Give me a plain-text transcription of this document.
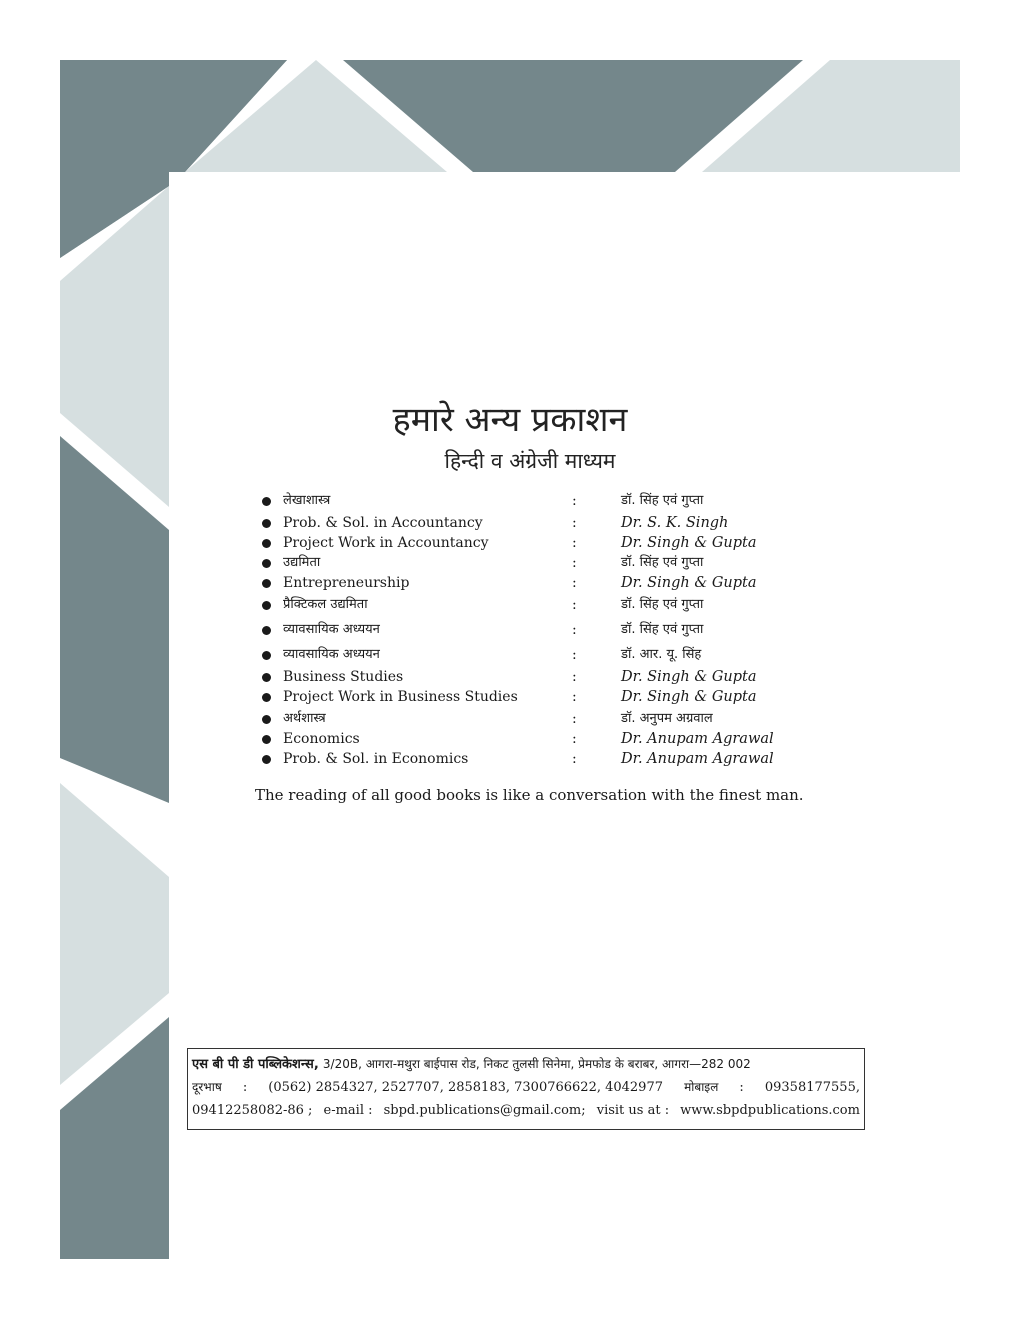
हमारे अन्य प्रकाशन
हिन्दी व अंग्रेजी माध्यम
लेखाशास्त्र	:	डॉ. सिंह एवं गुप्ता
Prob. & Sol. in Accountancy	:	Dr. S. K. Singh
Project Work in Accountancy	:	Dr. Singh & Gupta
उद्यमिता	:	डॉ. सिंह एवं गुप्ता
Entrepreneurship	:	Dr. Singh & Gupta
प्रैक्टिकल उद्यमिता	:	डॉ. सिंह एवं गुप्ता
व्यावसायिक अध्ययन	:	डॉ. सिंह एवं गुप्ता
व्यावसायिक अध्ययन	:	डॉ. आर. यू. सिंह
Business Studies	:	Dr. Singh & Gupta
Project Work in Business Studies	:	Dr. Singh & Gupta
अर्थशास्त्र	:	डॉ. अनुपम अग्रवाल
Economics	:	Dr. Anupam Agrawal
Prob. & Sol. in Economics	:	Dr. Anupam Agrawal
The reading of all good books is like a conversation with the finest man.
एस बी पी डी पब्लिकेशन्स, 3/20B, आगरा-मथुरा बाईपास रोड, निकट तुलसी सिनेमा, प्रेमफोड के बराबर, आगरा—282 002
दूरभाष : (0562) 2854327, 2527707, 2858183, 7300766622, 4042977 मोबाइल : 09358177555,
09412258082-86 ; e-mail : sbpd.publications@gmail.com; visit us at : www.sbpdpublications.com
